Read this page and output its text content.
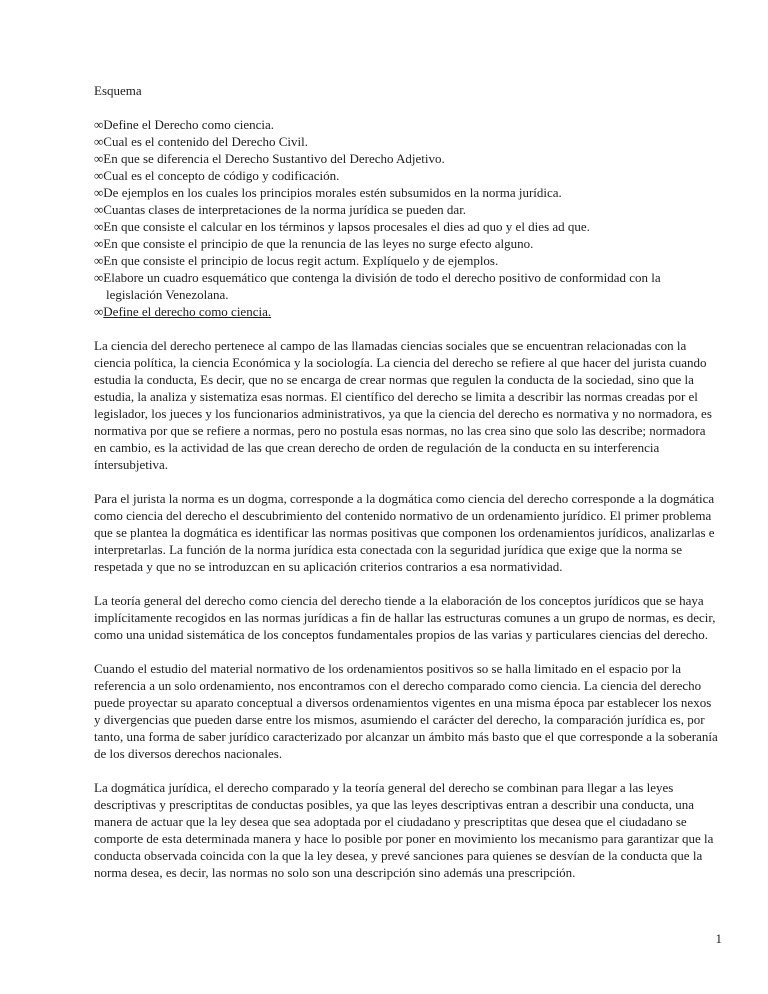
Esquema

∞Define el Derecho como ciencia.
∞Cual es el contenido del Derecho Civil.
∞En que se diferencia el Derecho Sustantivo del Derecho Adjetivo.
∞Cual es el concepto de código y codificación.
∞De ejemplos en los cuales los principios morales estén subsumidos en la norma jurídica.
∞Cuantas clases de interpretaciones de la norma jurídica se pueden dar.
∞En que consiste el calcular en los términos y lapsos procesales el dies ad quo y el dies ad que.
∞En que consiste el principio de que la renuncia de las leyes no surge efecto alguno.
∞En que consiste el principio de locus regit actum. Explíquelo y de ejemplos.
∞Elabore un cuadro esquemático que contenga la división de todo el derecho positivo de conformidad con la legislación Venezolana.
∞Define el derecho como ciencia.

La ciencia del derecho pertenece al campo de las llamadas ciencias sociales que se encuentran relacionadas con la ciencia política, la ciencia Económica y la sociología. La ciencia del derecho se refiere al que hacer del jurista cuando estudia la conducta, Es decir, que no se encarga de crear normas que regulen la conducta de la sociedad, sino que la estudia, la analiza y sistematiza esas normas. El científico del derecho se limita a describir las normas creadas por el legislador, los jueces y los funcionarios administrativos, ya que la ciencia del derecho es normativa y no normadora, es normativa por que se refiere a normas, pero no postula esas normas, no las crea sino que solo las describe; normadora en cambio, es la actividad de las que crean derecho de orden de regulación de la conducta en su interferencia íntersubjetiva.

Para el jurista la norma es un dogma, corresponde a la dogmática como ciencia del derecho corresponde a la dogmática como ciencia del derecho el descubrimiento del contenido normativo de un ordenamiento jurídico. El primer problema que se plantea la dogmática es identificar las normas positivas que componen los ordenamientos jurídicos, analizarlas e interpretarlas. La función de la norma jurídica esta conectada con la seguridad jurídica que exige que la norma se respetada y que no se introduzcan en su aplicación criterios contrarios a esa normatividad.

La teoría general del derecho como ciencia del derecho tiende a la elaboración de los conceptos jurídicos que se haya implícitamente recogidos en las normas jurídicas a fin de hallar las estructuras comunes a un grupo de normas, es decir, como una unidad sistemática de los conceptos fundamentales propios de las varias y particulares ciencias del derecho.

Cuando el estudio del material normativo de los ordenamientos positivos so se halla limitado en el espacio por la referencia a un solo ordenamiento, nos encontramos con el derecho comparado como ciencia. La ciencia del derecho puede proyectar su aparato conceptual a diversos ordenamientos vigentes en una misma época par establecer los nexos y divergencias que pueden darse entre los mismos, asumiendo el carácter del derecho, la comparación jurídica es, por tanto, una forma de saber jurídico caracterizado por alcanzar un ámbito más basto que el que corresponde a la soberanía de los diversos derechos nacionales.

La dogmática jurídica, el derecho comparado y la teoría general del derecho se combinan para llegar a las leyes descriptivas y prescriptitas de conductas posibles, ya que las leyes descriptivas entran a describir una conducta, una manera de actuar que la ley desea que sea adoptada por el ciudadano y prescriptitas que desea que el ciudadano se comporte de esta determinada manera y hace lo posible por poner en movimiento los mecanismo para garantizar que la conducta observada coincida con la que la ley desea, y prevé sanciones para quienes se desvían de la conducta que la norma desea, es decir, las normas no solo son una descripción sino además una prescripción.

1
